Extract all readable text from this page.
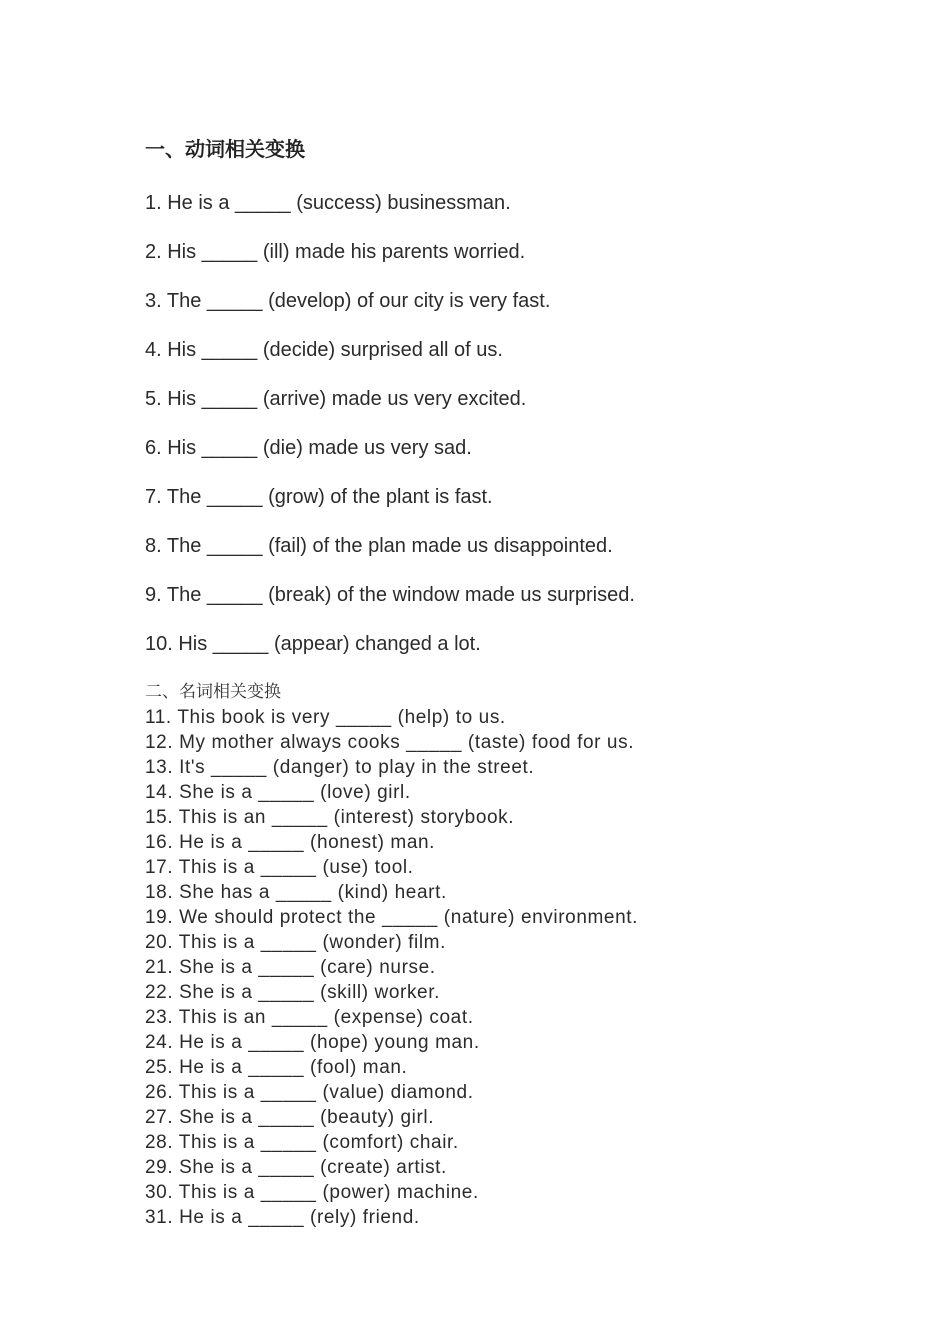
一、动词相关变换

1. He is a _____ (success) businessman.

2. His _____ (ill) made his parents worried.

3. The _____ (develop) of our city is very fast.

4. His _____ (decide) surprised all of us.

5. His _____ (arrive) made us very excited.

6. His _____ (die) made us very sad.

7. The _____ (grow) of the plant is fast.

8. The _____ (fail) of the plan made us disappointed.

9. The _____ (break) of the window made us surprised.

10. His _____ (appear) changed a lot.

二、名词相关变换

11. This book is very _____ (help) to us.

12. My mother always cooks _____ (taste) food for us.

13. It's _____ (danger) to play in the street.

14. She is a _____ (love) girl.

15. This is an _____ (interest) storybook.

16. He is a _____ (honest) man.

17. This is a _____ (use) tool.

18. She has a _____ (kind) heart.

19. We should protect the _____ (nature) environment.

20. This is a _____ (wonder) film.

21. She is a _____ (care) nurse.

22. She is a _____ (skill) worker.

23. This is an _____ (expense) coat.

24. He is a _____ (hope) young man.

25. He is a _____ (fool) man.

26. This is a _____ (value) diamond.

27. She is a _____ (beauty) girl.

28. This is a _____ (comfort) chair.

29. She is a _____ (create) artist.

30. This is a _____ (power) machine.

31. He is a _____ (rely) friend.
